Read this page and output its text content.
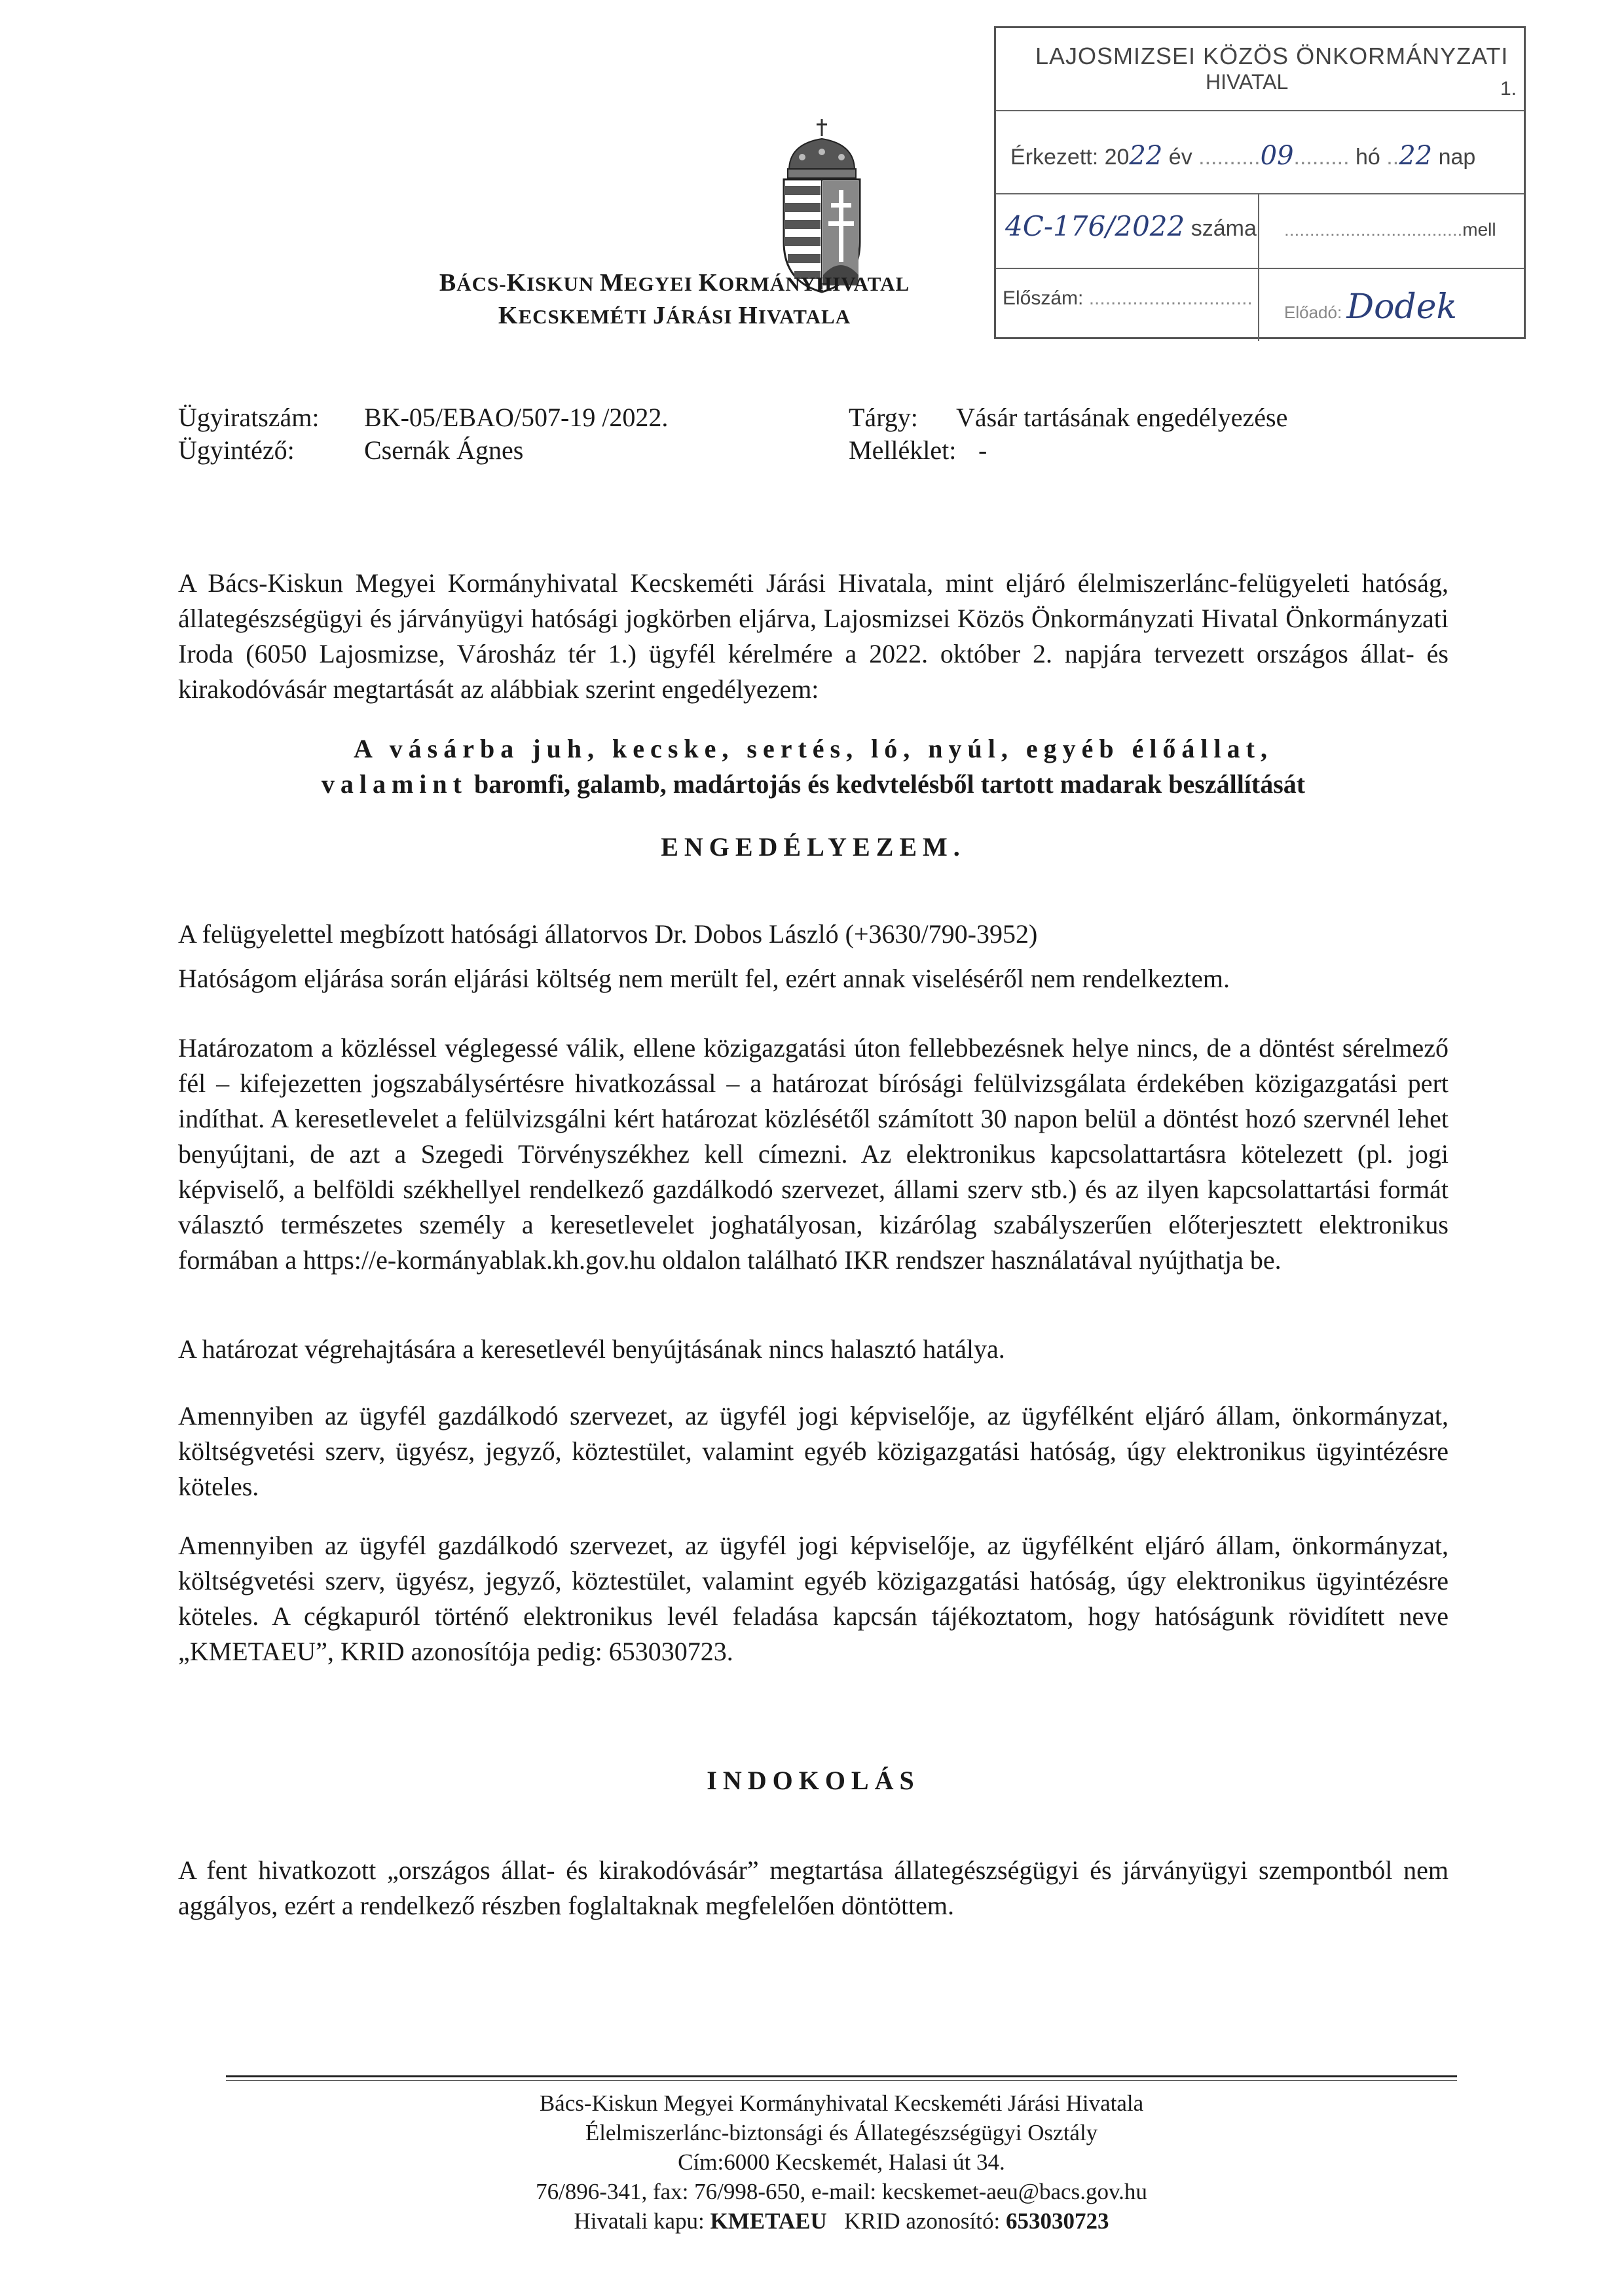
BÁCS-KISKUN MEGYEI KORMÁNYHIVATAL
KECSKEMÉTI JÁRÁSI HIVATALA
LAJOSMIZSEI KÖZÖS ÖNKORMÁNYZATI
HIVATAL	1.
Érkezett: 2022 év ..........09......... hó ..22 nap
4C-176/2022 száma ...................................mell
Előszám: ..............................
Előadó: Dodek
Ügyiratszám: BK-05/EBAO/507-19 /2022.
Ügyintéző:	Csernák Ágnes
Tárgy: Vásár tartásának engedélyezése
Melléklet: -
A Bács-Kiskun Megyei Kormányhivatal Kecskeméti Járási Hivatala, mint eljáró élelmiszerlánc-felügyeleti hatóság, állategészségügyi és járványügyi hatósági jogkörben eljárva, Lajosmizsei Közös Önkormányzati Hivatal Önkormányzati Iroda (6050 Lajosmizse, Városház tér 1.) ügyfél kérelmére a 2022. október 2. napjára tervezett országos állat- és kirakodóvásár megtartását az alábbiak szerint engedélyezem:
A vásárba juh, kecske, sertés, ló, nyúl, egyéb élőállat,
valamint baromfi, galamb, madártojás és kedvtelésből tartott madarak beszállítását
ENGEDÉLYEZEM.
A felügyelettel megbízott hatósági állatorvos Dr. Dobos László (+3630/790-3952)
Hatóságom eljárása során eljárási költség nem merült fel, ezért annak viseléséről nem rendelkeztem.
Határozatom a közléssel véglegessé válik, ellene közigazgatási úton fellebbezésnek helye nincs, de a döntést sérelmező fél – kifejezetten jogszabálysértésre hivatkozással – a határozat bírósági felülvizsgálata érdekében közigazgatási pert indíthat. A keresetlevelet a felülvizsgálni kért határozat közlésétől számított 30 napon belül a döntést hozó szervnél lehet benyújtani, de azt a Szegedi Törvényszékhez kell címezni. Az elektronikus kapcsolattartásra kötelezett (pl. jogi képviselő, a belföldi székhellyel rendelkező gazdálkodó szervezet, állami szerv stb.) és az ilyen kapcsolattartási formát választó természetes személy a keresetlevelet joghatályosan, kizárólag szabályszerűen előterjesztett elektronikus formában a https://e-kormányablak.kh.gov.hu oldalon található IKR rendszer használatával nyújthatja be.
A határozat végrehajtására a keresetlevél benyújtásának nincs halasztó hatálya.
Amennyiben az ügyfél gazdálkodó szervezet, az ügyfél jogi képviselője, az ügyfélként eljáró állam, önkormányzat, költségvetési szerv, ügyész, jegyző, köztestület, valamint egyéb közigazgatási hatóság, úgy elektronikus ügyintézésre köteles.
Amennyiben az ügyfél gazdálkodó szervezet, az ügyfél jogi képviselője, az ügyfélként eljáró állam, önkormányzat, költségvetési szerv, ügyész, jegyző, köztestület, valamint egyéb közigazgatási hatóság, úgy elektronikus ügyintézésre köteles. A cégkapuról történő elektronikus levél feladása kapcsán tájékoztatom, hogy hatóságunk rövidített neve „KMETAEU”, KRID azonosítója pedig: 653030723.
INDOKOLÁS
A fent hivatkozott „országos állat- és kirakodóvásár” megtartása állategészségügyi és járványügyi szempontból nem aggályos, ezért a rendelkező részben foglaltaknak megfelelően döntöttem.
Bács-Kiskun Megyei Kormányhivatal Kecskeméti Járási Hivatala
Élelmiszerlánc-biztonsági és Állategészségügyi Osztály
Cím:6000 Kecskemét, Halasi út 34.
76/896-341, fax: 76/998-650, e-mail: kecskemet-aeu@bacs.gov.hu
Hivatali kapu: KMETAEU   KRID azonosító: 653030723
